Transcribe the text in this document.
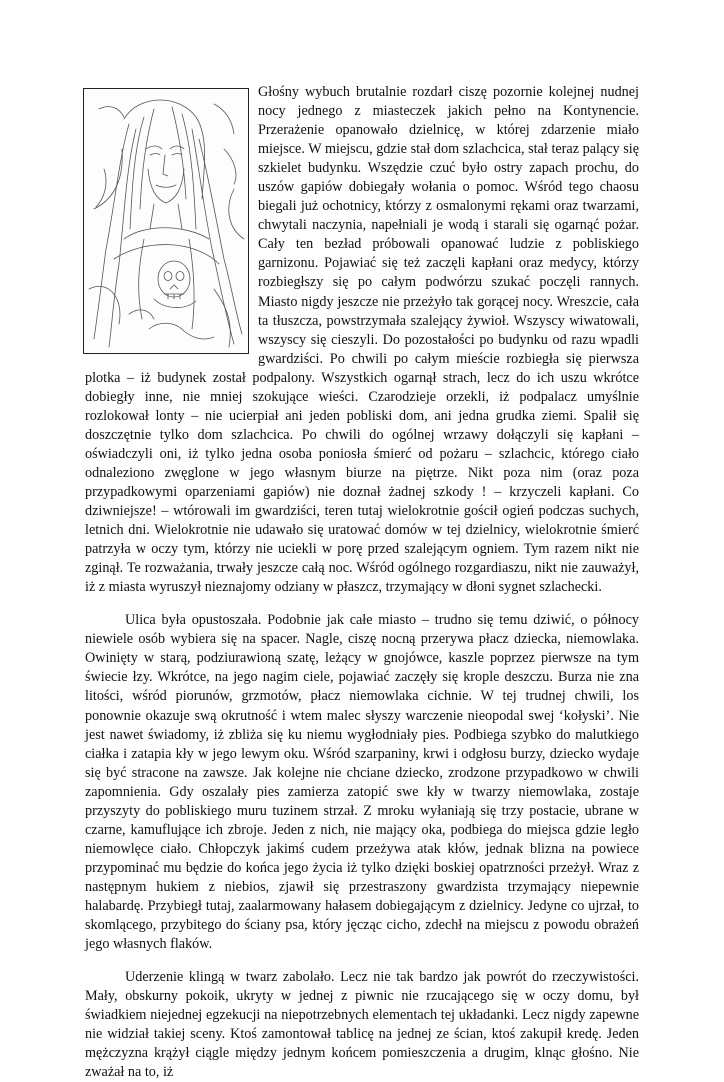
Głośny wybuch brutalnie rozdarł ciszę pozornie kolejnej nudnej nocy jednego z miasteczek jakich pełno na Kontynencie. Przerażenie opanowało dzielnicę, w której zdarzenie miało miejsce. W miejscu, gdzie stał dom szlachcica, stał teraz palący się szkielet budynku. Wszędzie czuć było ostry zapach prochu, do uszów gapiów dobiegały wołania o pomoc. Wśród tego chaosu biegali już ochotnicy, którzy z osmalonymi rękami oraz twarzami, chwytali naczynia, napełniali je wodą i starali się ogarnąć pożar. Cały ten bezład próbowali opanować ludzie z pobliskiego garnizonu. Pojawiać się też zaczęli kapłani oraz medycy, którzy rozbiegłszy się po całym podwórzu szukać poczęli rannych. Miasto nigdy jeszcze nie przeżyło tak gorącej nocy. Wreszcie, cała ta tłuszcza, powstrzymała szalejący żywioł. Wszyscy wiwatowali, wszyscy się cieszyli. Do pozostałości po budynku od razu wpadli gwardziści. Po chwili po całym mieście rozbiegła się pierwsza plotka – iż budynek został podpalony. Wszystkich ogarnął strach, lecz do ich uszu wkrótce dobiegły inne, nie mniej szokujące wieści. Czarodzieje orzekli, iż podpalacz umyślnie rozlokował lonty – nie ucierpiał ani jeden pobliski dom, ani jedna grudka ziemi. Spalił się doszczętnie tylko dom szlachcica. Po chwili do ogólnej wrzawy dołączyli się kapłani – oświadczyli oni, iż tylko jedna osoba poniosła śmierć od pożaru – szlachcic, którego ciało odnaleziono zwęglone w jego własnym biurze na piętrze. Nikt poza nim (oraz poza przypadkowymi oparzeniami gapiów) nie doznał żadnej szkody ! – krzyczeli kapłani. Co dziwniejsze! – wtórowali im gwardziści, teren tutaj wielokrotnie gościł ogień podczas suchych, letnich dni. Wielokrotnie nie udawało się uratować domów w tej dzielnicy, wielokrotnie śmierć patrzyła w oczy tym, którzy nie uciekli w porę przed szalejącym ogniem. Tym razem nikt nie zginął. Te rozważania, trwały jeszcze całą noc. Wśród ogólnego rozgardiaszu, nikt nie zauważył, iż z miasta wyruszył nieznajomy odziany w płaszcz, trzymający w dłoni sygnet szlachecki.

Ulica była opustoszała. Podobnie jak całe miasto – trudno się temu dziwić, o północy niewiele osób wybiera się na spacer. Nagle, ciszę nocną przerywa płacz dziecka, niemowlaka. Owinięty w starą, podziurawioną szatę, leżący w gnojówce, kaszle poprzez pierwsze na tym świecie łzy. Wkrótce, na jego nagim ciele, pojawiać zaczęły się krople deszczu. Burza nie zna litości, wśród piorunów, grzmotów, płacz niemowlaka cichnie. W tej trudnej chwili, los ponownie okazuje swą okrutność i wtem malec słyszy warczenie nieopodal swej ‘kołyski’. Nie jest nawet świadomy, iż zbliża się ku niemu wygłodniały pies. Podbiega szybko do malutkiego ciałka i zatapia kły w jego lewym oku. Wśród szarpaniny, krwi i odgłosu burzy, dziecko wydaje się być stracone na zawsze. Jak kolejne nie chciane dziecko, zrodzone przypadkowo w chwili zapomnienia. Gdy oszalały pies zamierza zatopić swe kły w twarzy niemowlaka, zostaje przyszyty do pobliskiego muru tuzinem strzał. Z mroku wyłaniają się trzy postacie, ubrane w czarne, kamuflujące ich zbroje. Jeden z nich, nie mający oka, podbiega do miejsca gdzie legło niemowlęce ciało. Chłopczyk jakimś cudem przeżywa atak kłów, jednak blizna na powiece przypominać mu będzie do końca jego życia iż tylko dzięki boskiej opatrzności przeżył. Wraz z następnym hukiem z niebios, zjawił się przestraszony gwardzista trzymający niepewnie halabardę. Przybiegł tutaj, zaalarmowany hałasem dobiegającym z dzielnicy. Jedyne co ujrzał, to skomlącego, przybitego do ściany psa, który jęcząc cicho, zdechł na miejscu z powodu obrażeń jego własnych flaków.

Uderzenie klingą w twarz zabolało. Lecz nie tak bardzo jak powrót do rzeczywistości. Mały, obskurny pokoik, ukryty w jednej z piwnic nie rzucającego się w oczy domu, był świadkiem niejednej egzekucji na niepotrzebnych elementach tej układanki. Lecz nigdy zapewne nie widział takiej sceny. Ktoś zamontował tablicę na jednej ze ścian, ktoś zakupił kredę. Jeden mężczyzna krążył ciągle między jednym końcem pomieszczenia a drugim, klnąc głośno. Nie zważał na to, iż
